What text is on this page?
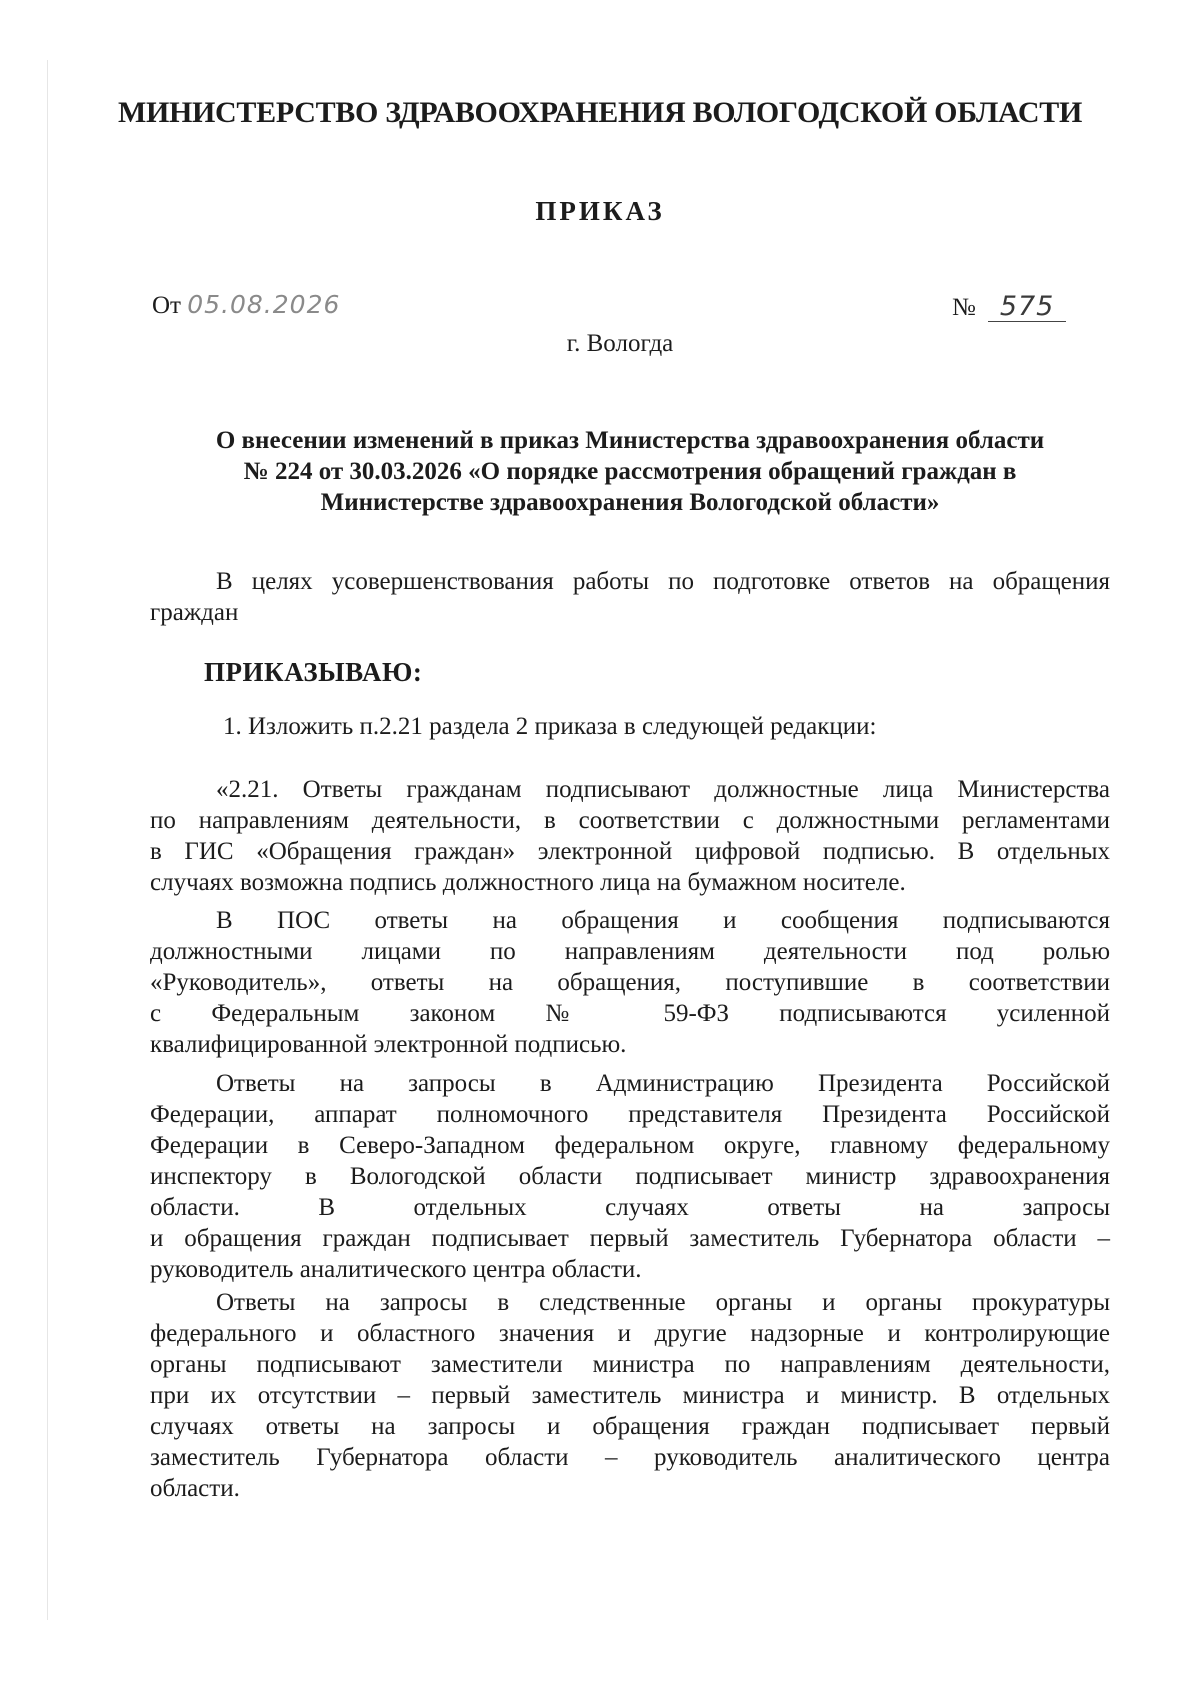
МИНИСТЕРСТВО ЗДРАВООХРАНЕНИЯ ВОЛОГОДСКОЙ ОБЛАСТИ
ПРИКАЗ
От 05.08.2026	№ 575
г. Вологда
О внесении изменений в приказ Министерства здравоохранения области
№ 224 от 30.03.2026 «О порядке рассмотрения обращений граждан в
Министерстве здравоохранения Вологодской области»
В целях усовершенствования работы по подготовке ответов на обращения
граждан
ПРИКАЗЫВАЮ:
1. Изложить п.2.21 раздела 2 приказа в следующей редакции:
«2.21. Ответы гражданам подписывают должностные лица Министерства
по направлениям деятельности, в соответствии с должностными регламентами
в ГИС «Обращения граждан» электронной цифровой подписью. В отдельных
случаях возможна подпись должностного лица на бумажном носителе.
В ПОС ответы на обращения и сообщения подписываются
должностными лицами по направлениям деятельности под ролью
«Руководитель», ответы на обращения, поступившие в соответствии
с Федеральным законом № 59-ФЗ подписываются усиленной
квалифицированной электронной подписью.
Ответы на запросы в Администрацию Президента Российской
Федерации, аппарат полномочного представителя Президента Российской
Федерации в Северо-Западном федеральном округе, главному федеральному
инспектору в Вологодской области подписывает министр здравоохранения
области. В отдельных случаях ответы на запросы
и обращения граждан подписывает первый заместитель Губернатора области –
руководитель аналитического центра области.
Ответы на запросы в следственные органы и органы прокуратуры
федерального и областного значения и другие надзорные и контролирующие
органы подписывают заместители министра по направлениям деятельности,
при их отсутствии – первый заместитель министра и министр. В отдельных
случаях ответы на запросы и обращения граждан подписывает первый
заместитель Губернатора области – руководитель аналитического центра
области.
